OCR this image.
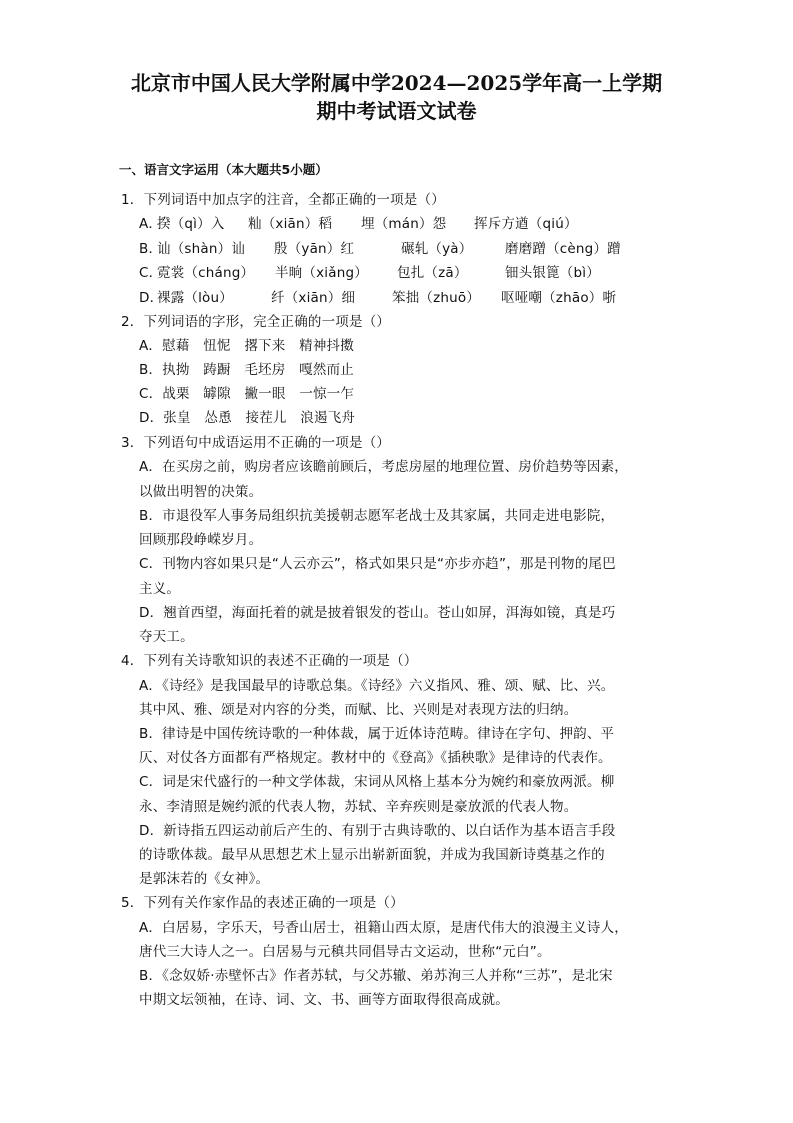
北京市中国人民大学附属中学2024—2025学年高一上学期
期中考试语文试卷
一、语言文字运用（本大题共5小题）
1．下列词语中加点字的注音，全都正确的一项是（）
A．
揆（qì）入 籼（xiān）稻 埋（mán）怨 挥斥方遒（qiú）
B．
讪（shàn）讪 殷（yān）红	碾轧（yà） 磨磨蹭（cèng）蹭
C．
霓裳（cháng） 半晌（xiǎng） 包扎（zā）	钿头银篦（bì）
D．
裸露（lòu）	纤（xiān）细	笨拙（zhuō） 呕哑嘲（zhāo）哳
2．下列词语的字形，完全正确的一项是（）
A．慰藉　忸怩　撂下来　精神抖擞
B．执拗　踌蹰　毛坯房　嘎然而止
C．战栗　罅隙　撇一眼　一惊一乍
D．张皇　怂恿　接茬儿　浪遏飞舟
3．下列语句中成语运用不正确的一项是（）
A．在买房之前，购房者应该瞻前顾后，考虑房屋的地理位置、房价趋势等因素，
以做出明智的决策。
B．市退役军人事务局组织抗美援朝志愿军老战士及其家属，共同走进电影院，
回顾那段峥嵘岁月。
C．刊物内容如果只是“人云亦云”，格式如果只是“亦步亦趋”，那是刊物的尾巴
主义。
D．翘首西望，海面托着的就是披着银发的苍山。苍山如屏，洱海如镜，真是巧
夺天工。
4．下列有关诗歌知识的表述不正确的一项是（）
A．《诗经》是我国最早的诗歌总集。《诗经》六义指风、雅、颂、赋、比、兴。
其中风、雅、颂是对内容的分类，而赋、比、兴则是对表现方法的归纳。
B．律诗是中国传统诗歌的一种体裁，属于近体诗范畴。律诗在字句、押韵、平
仄、对仗各方面都有严格规定。教材中的《登高》《插秧歌》是律诗的代表作。
C．词是宋代盛行的一种文学体裁，宋词从风格上基本分为婉约和豪放两派。柳
永、李清照是婉约派的代表人物，苏轼、辛弃疾则是豪放派的代表人物。
D．新诗指五四运动前后产生的、有别于古典诗歌的、以白话作为基本语言手段
的诗歌体裁。最早从思想艺术上显示出崭新面貌，并成为我国新诗奠基之作的
是郭沫若的《女神》。
5．下列有关作家作品的表述正确的一项是（）
A．白居易，字乐天，号香山居士，祖籍山西太原，是唐代伟大的浪漫主义诗人，
唐代三大诗人之一。白居易与元稹共同倡导古文运动，世称“元白”。
B．《念奴娇·赤壁怀古》作者苏轼，与父苏辙、弟苏洵三人并称“三苏”，是北宋
中期文坛领袖，在诗、词、文、书、画等方面取得很高成就。
